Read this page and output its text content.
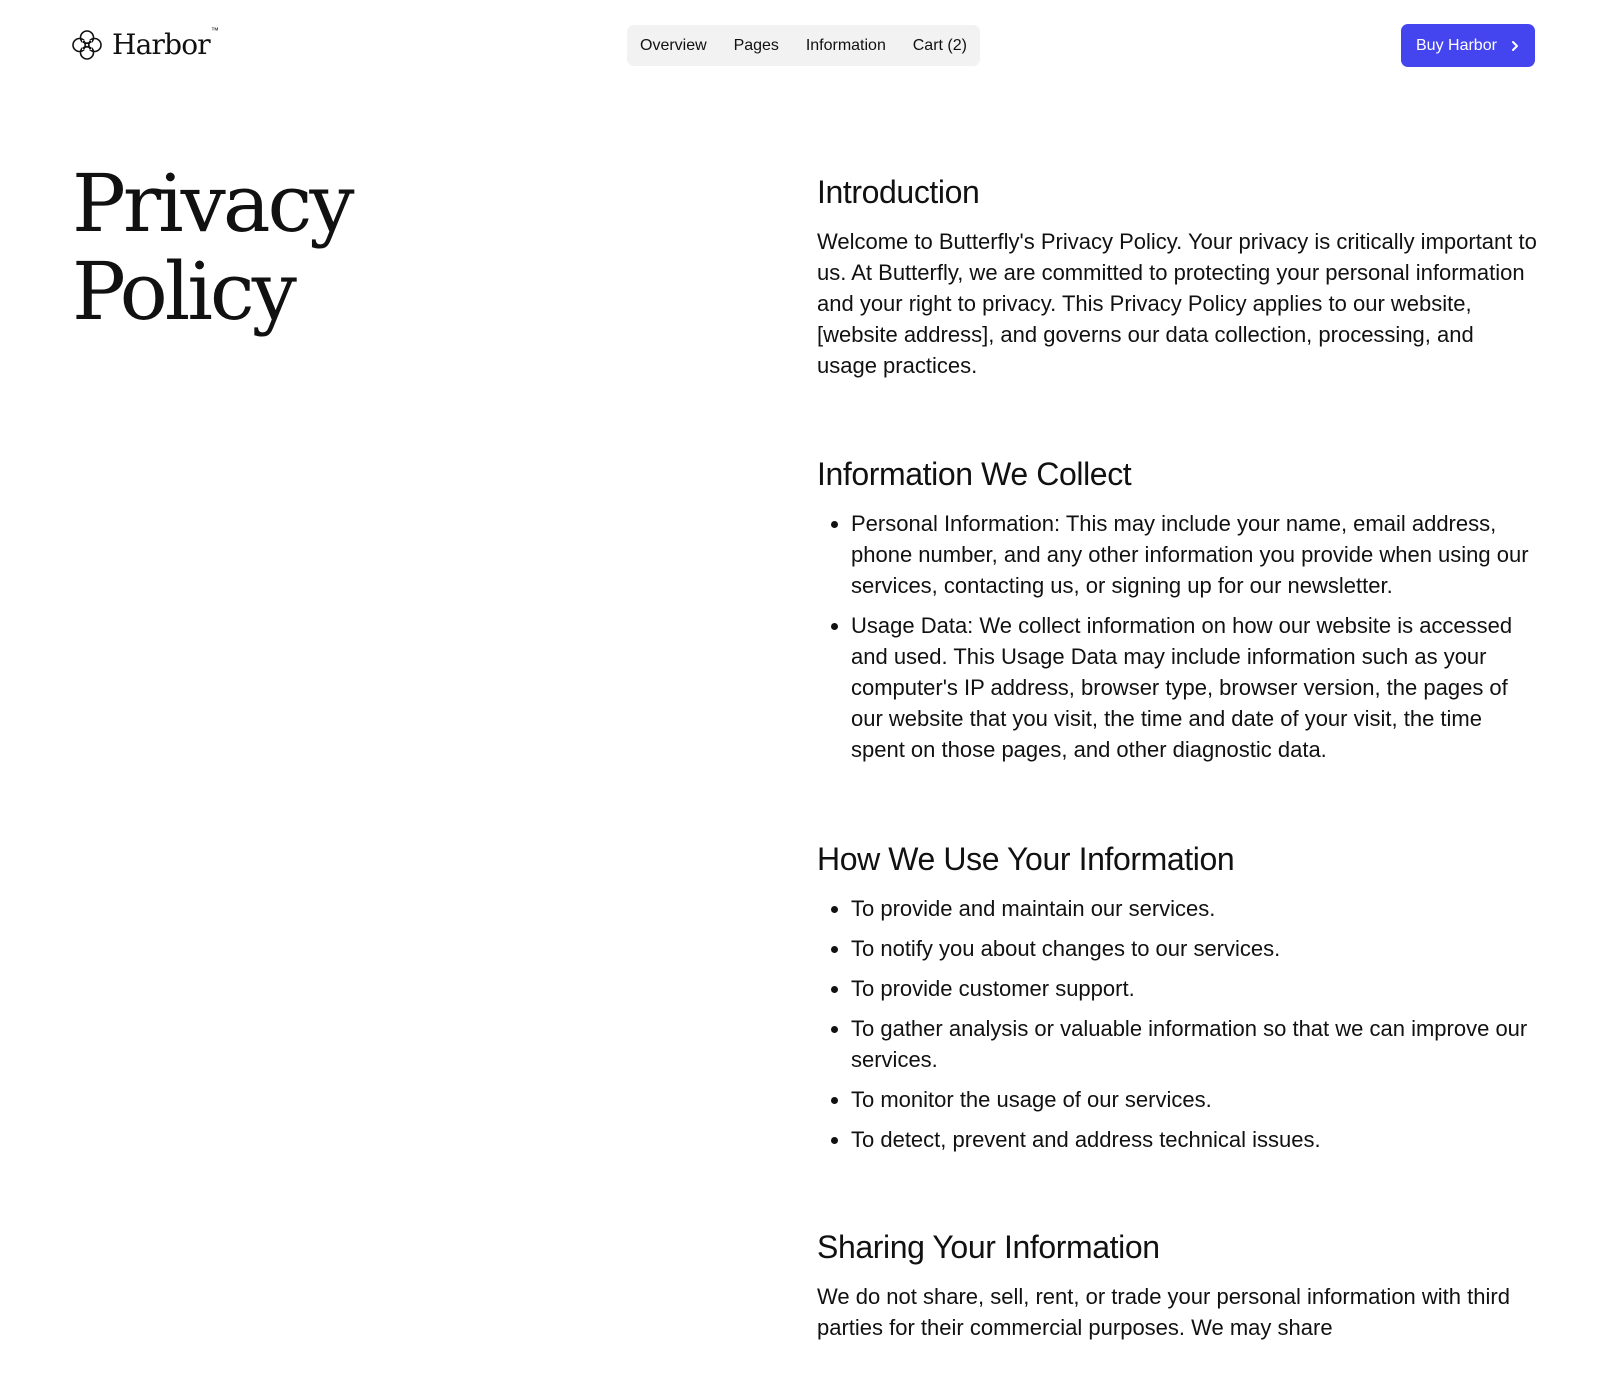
Harbor™
Overview Pages Information Cart (2)	Buy Harbor
Privacy
Policy
Introduction

Welcome to Butterfly's Privacy Policy. Your privacy is critically important to us. At Butterfly, we are committed to protecting your personal information and your right to privacy. This Privacy Policy applies to our website, [website address], and governs our data collection, processing, and usage practices.

Information We Collect
• Personal Information: This may include your name, email address, phone number, and any other information you provide when using our services, contacting us, or signing up for our newsletter.
• Usage Data: We collect information on how our website is accessed and used. This Usage Data may include information such as your computer's IP address, browser type, browser version, the pages of our website that you visit, the time and date of your visit, the time spent on those pages, and other diagnostic data.
How We Use Your Information
• To provide and maintain our services.
• To notify you about changes to our services.
• To provide customer support.
• To gather analysis or valuable information so that we can improve our services.
• To monitor the usage of our services.
• To detect, prevent and address technical issues.
Sharing Your Information

We do not share, sell, rent, or trade your personal information with third parties for their commercial purposes. We may share
